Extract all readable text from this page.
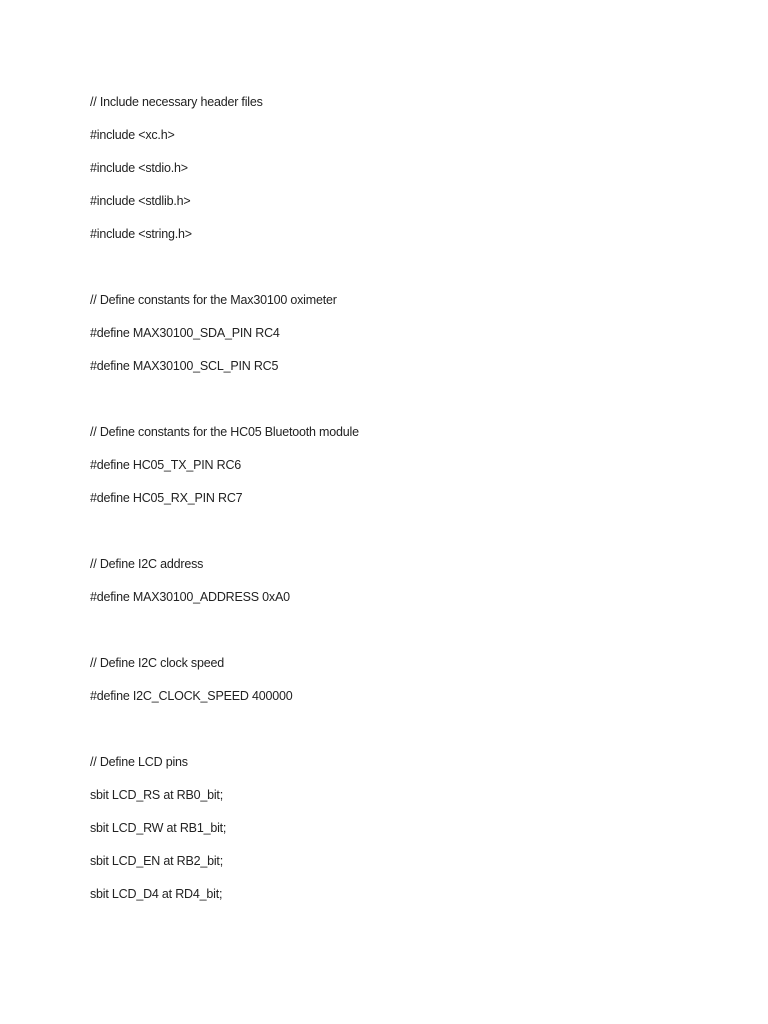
// Include necessary header files
#include <xc.h>
#include <stdio.h>
#include <stdlib.h>
#include <string.h>
// Define constants for the Max30100 oximeter
#define MAX30100_SDA_PIN RC4
#define MAX30100_SCL_PIN RC5
// Define constants for the HC05 Bluetooth module
#define HC05_TX_PIN RC6
#define HC05_RX_PIN RC7
// Define I2C address
#define MAX30100_ADDRESS 0xA0
// Define I2C clock speed
#define I2C_CLOCK_SPEED 400000
// Define LCD pins
sbit LCD_RS at RB0_bit;
sbit LCD_RW at RB1_bit;
sbit LCD_EN at RB2_bit;
sbit LCD_D4 at RD4_bit;
